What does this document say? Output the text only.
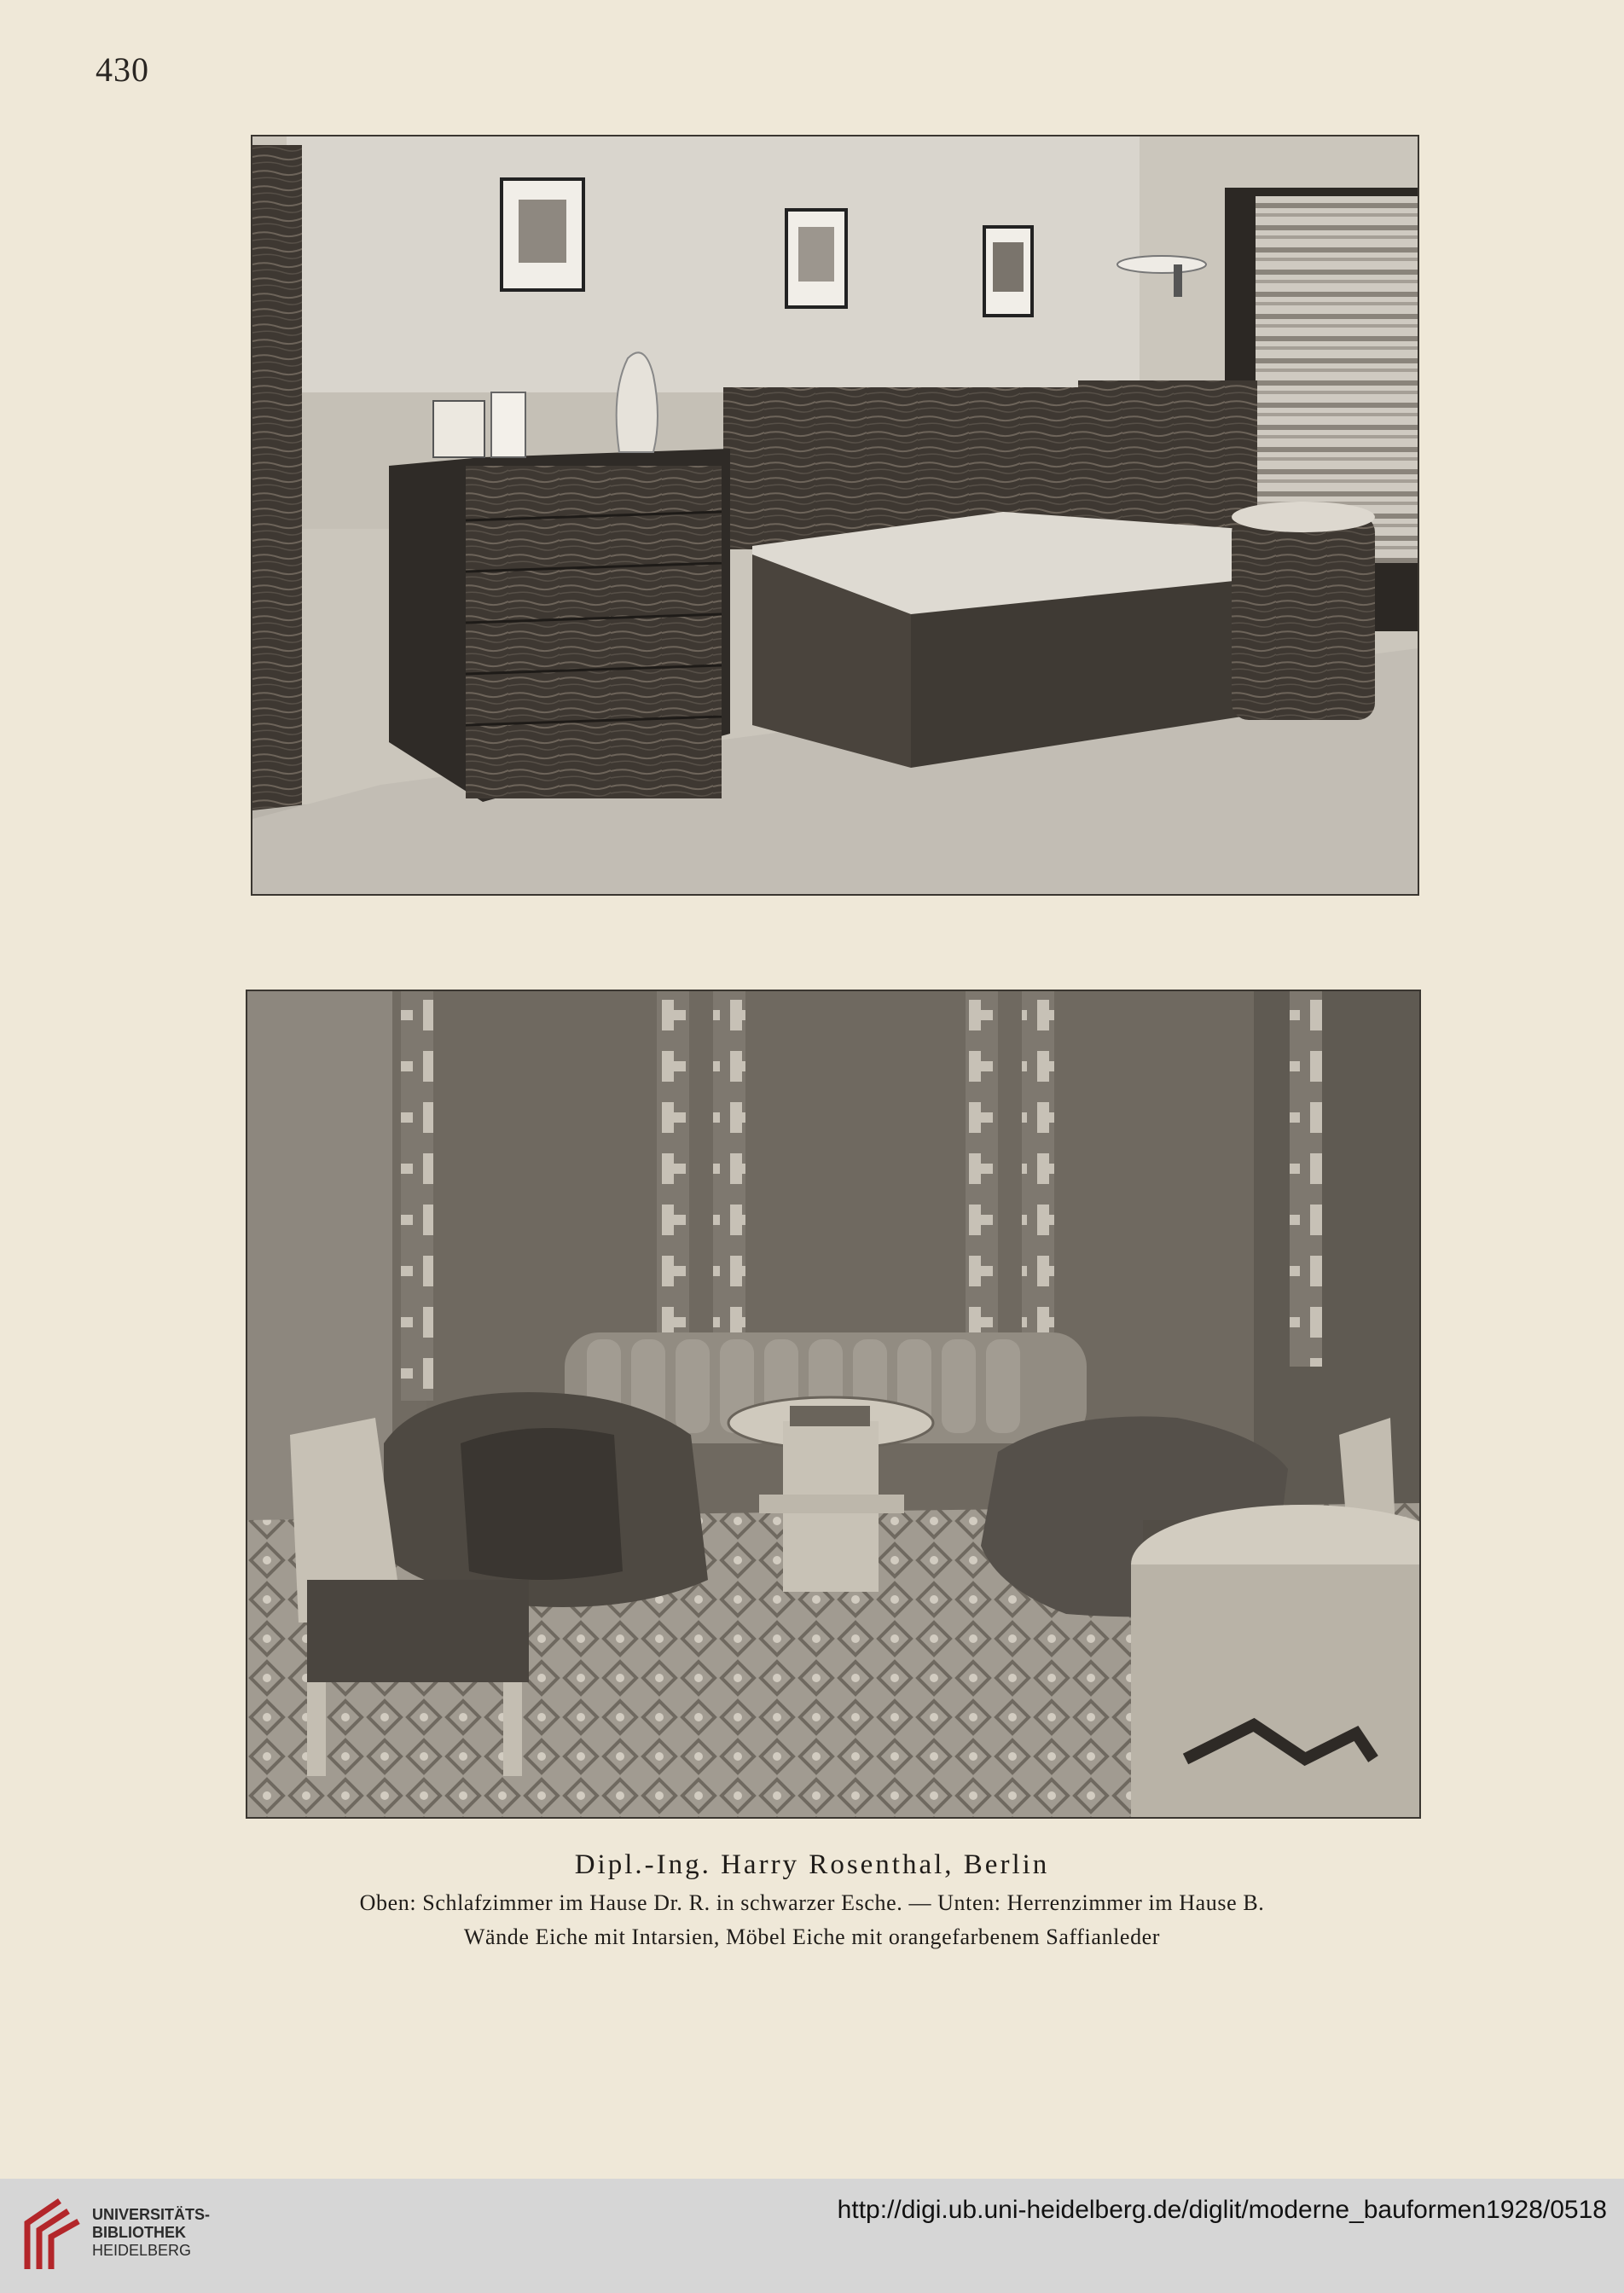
430
Dipl.-Ing. Harry Rosenthal, Berlin
Oben: Schlafzimmer im Hause Dr. R. in schwarzer Esche. — Unten: Herrenzimmer im Hause B.
Wände Eiche mit Intarsien, Möbel Eiche mit orangefarbenem Saffianleder
UNIVERSITÄTS-
BIBLIOTHEK
HEIDELBERG
http://digi.ub.uni-heidelberg.de/diglit/moderne_bauformen1928/0518
